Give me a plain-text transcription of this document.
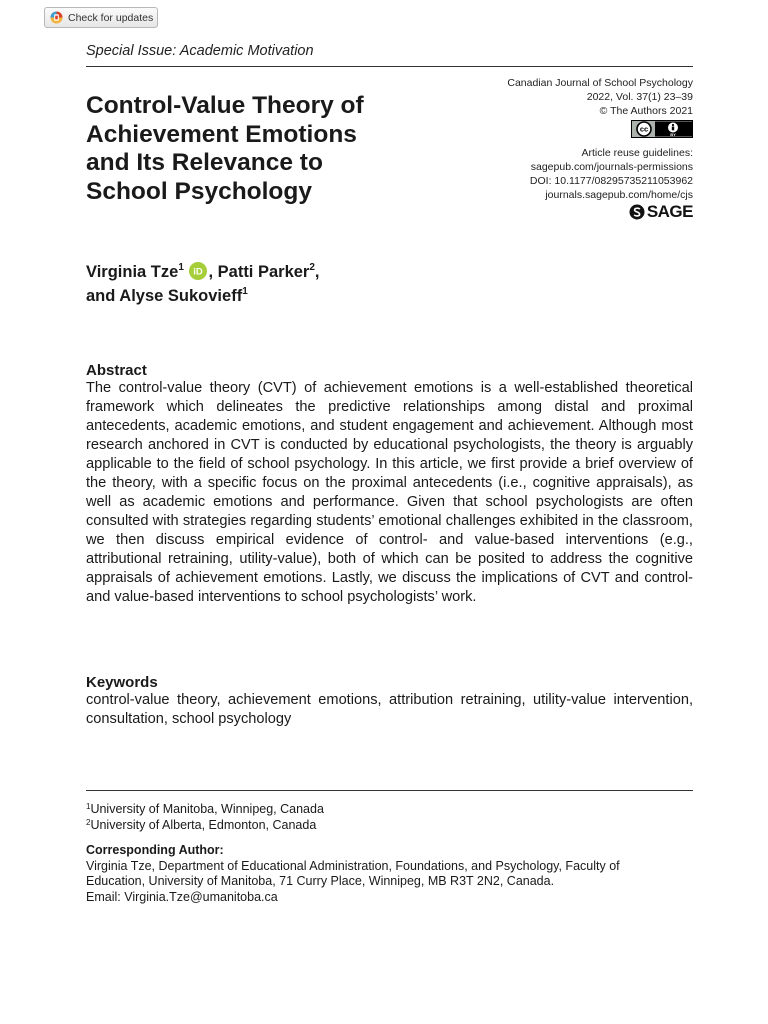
Check for updates
Special Issue: Academic Motivation
Control-Value Theory of
Achievement Emotions
and Its Relevance to
School Psychology
Canadian Journal of School Psychology
2022, Vol. 37(1) 23–39
© The Authors 2021
cc
BY
Article reuse guidelines:
sagepub.com/journals-permissions
DOI: 10.1177/08295735211053962
journals.sagepub.com/home/cjs
SAGE
Virginia Tze$^1$ iD , Patti Parker$^2$,
and Alyse Sukovieff$^1$
Abstract

The control-value theory (CVT) of achievement emotions is a well-established theoretical framework which delineates the predictive relationships among distal and proximal antecedents, academic emotions, and student engagement and achievement. Although most research anchored in CVT is conducted by educational psychologists, the theory is arguably applicable to the field of school psychology. In this article, we first provide a brief overview of the theory, with a specific focus on the proximal antecedents (i.e., cognitive appraisals), as well as academic emotions and performance. Given that school psychologists are often consulted with strategies regarding students’ emotional challenges exhibited in the classroom, we then discuss empirical evidence of control- and value-based interventions (e.g., attributional retraining, utility-value), both of which can be posited to address the cognitive appraisals of achievement emotions. Lastly, we discuss the implications of CVT and control- and value-based interventions to school psychologists’ work.

Keywords

control-value theory, achievement emotions, attribution retraining, utility-value intervention, consultation, school psychology

$^1$University of Manitoba, Winnipeg, Canada
$^2$University of Alberta, Edmonton, Canada
Corresponding Author:
Virginia Tze, Department of Educational Administration, Foundations, and Psychology, Faculty of
Education, University of Manitoba, 71 Curry Place, Winnipeg, MB R3T 2N2, Canada.
Email: Virginia.Tze@umanitoba.ca
